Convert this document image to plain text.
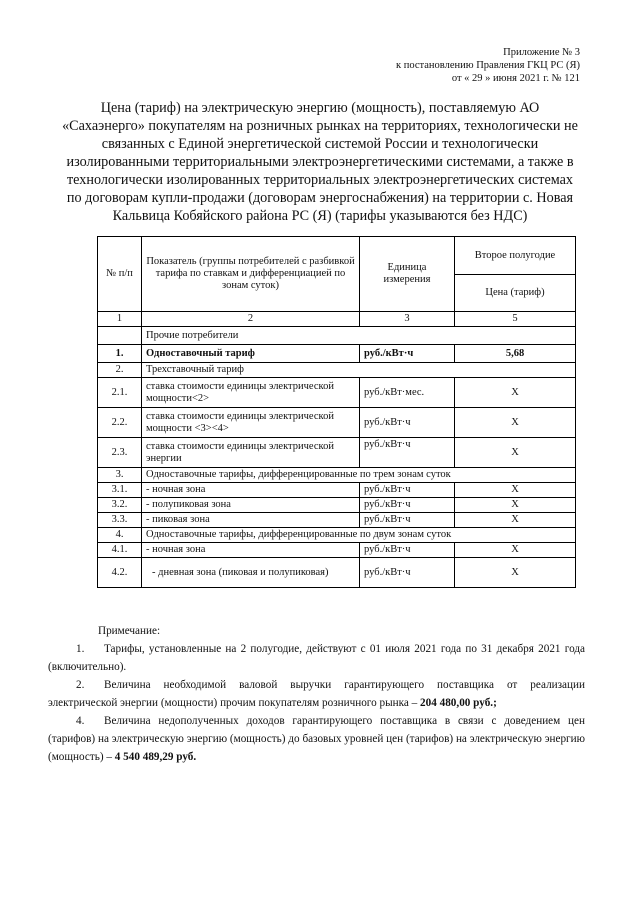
Приложение № 3
к постановлению Правления ГКЦ РС (Я)
от « 29 » июня 2021 г. № 121
Цена (тариф) на электрическую энергию (мощность), поставляемую АО «Сахаэнерго» покупателям на розничных рынках на территориях, технологически не связанных с Единой энергетической системой России и технологически изолированными территориальными электроэнергетическими системами, а также в технологически изолированных территориальных электроэнергетических системах по договорам купли-продажи (договорам энергоснабжения) на территории с. Новая Кальвица Кобяйского района РС (Я) (тарифы указываются без НДС)
№ п/п	Показатель (группы потребителей с разбивкой тарифа по ставкам и дифференциацией по зонам суток)	Единица измерения	Второе полугодие
			Цена (тариф)
1	2	3	5
	Прочие потребители		
1.	Одноставочный тариф	руб./кВт·ч	5,68
2.	Трехставочный тариф		
2.1.	ставка стоимости единицы электрической мощности<2>	руб./кВт·мес.	X
2.2.	ставка стоимости единицы электрической мощности <3><4>	руб./кВт·ч	X
2.3.	ставка стоимости единицы электрической энергии	руб./кВт·ч	X
3.	Одноставочные тарифы, дифференцированные по трем зонам суток		
3.1.	- ночная зона	руб./кВт·ч	X
3.2.	- полупиковая зона	руб./кВт·ч	X
3.3.	- пиковая зона	руб./кВт·ч	X
4.	Одноставочные тарифы, дифференцированные по двум зонам суток		
4.1.	- ночная зона	руб./кВт·ч	X
4.2.	- дневная зона (пиковая и полупиковая)	руб./кВт·ч	X

Примечание:

1. Тарифы, установленные на 2 полугодие, действуют с 01 июля 2021 года по 31 декабря 2021 года (включительно).

2. Величина необходимой валовой выручки гарантирующего поставщика от реализации электрической энергии (мощности) прочим покупателям розничного рынка – 204 480,00 руб.;

4. Величина недополученных доходов гарантирующего поставщика в связи с доведением цен (тарифов) на электрическую энергию (мощность) до базовых уровней цен (тарифов) на электрическую энергию (мощность) – 4 540 489,29 руб.
